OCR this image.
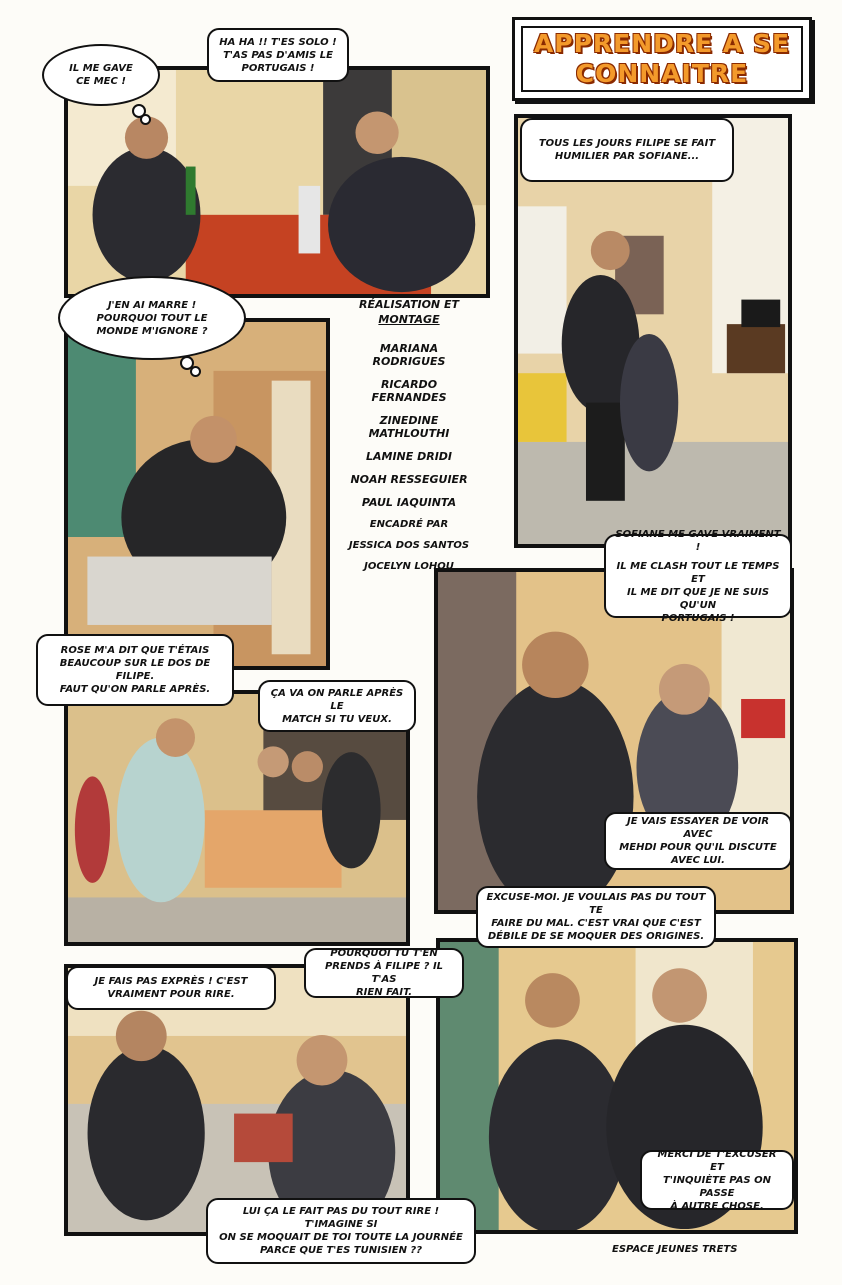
APPRENDRE A SE
CONNAITRE
RÉALISATION ET
MONTAGE
MARIANA RODRIGUES
RICARDO FERNANDES
ZINEDINE MATHLOUTHI
LAMINE DRIDI
NOAH RESSEGUIER
PAUL IAQUINTA
ENCADRÉ PAR
JESSICA DOS SANTOS
JOCELYN LOHOU
IL ME GAVE
CE MEC !
HA HA !! T'ES SOLO !
T'AS PAS D'AMIS LE
PORTUGAIS !
TOUS LES JOURS FILIPE SE FAIT
HUMILIER PAR SOFIANE...
J'EN AI MARRE !
POURQUOI TOUT LE
MONDE M'IGNORE ?
SOFIANE ME GAVE VRAIMENT !
IL ME CLASH TOUT LE TEMPS ET
IL ME DIT QUE JE NE SUIS QU'UN
PORTUGAIS !
ROSE M'A DIT QUE T'ÉTAIS
BEAUCOUP SUR LE DOS DE FILIPE.
FAUT QU'ON PARLE APRÈS.	ÇA VA ON PARLE APRÈS LE
MATCH SI TU VEUX.
JE VAIS ESSAYER DE VOIR AVEC
MEHDI POUR QU'IL DISCUTE
AVEC LUI.
EXCUSE-MOI. JE VOULAIS PAS DU TOUT TE
FAIRE DU MAL. C'EST VRAI QUE C'EST
DÉBILE DE SE MOQUER DES ORIGINES.
JE FAIS PAS EXPRÈS ! C'EST
VRAIMENT POUR RIRE.
POURQUOI TU T'EN
PRENDS À FILIPE ? IL T'AS
RIEN FAIT.
MERCI DE T'EXCUSER ET
T'INQUIÈTE PAS ON PASSE
À AUTRE CHOSE.
LUI ÇA LE FAIT PAS DU TOUT RIRE ! T'IMAGINE SI
ON SE MOQUAIT DE TOI TOUTE LA JOURNÉE
PARCE QUE T'ES TUNISIEN ??	ESPACE JEUNES TRETS
